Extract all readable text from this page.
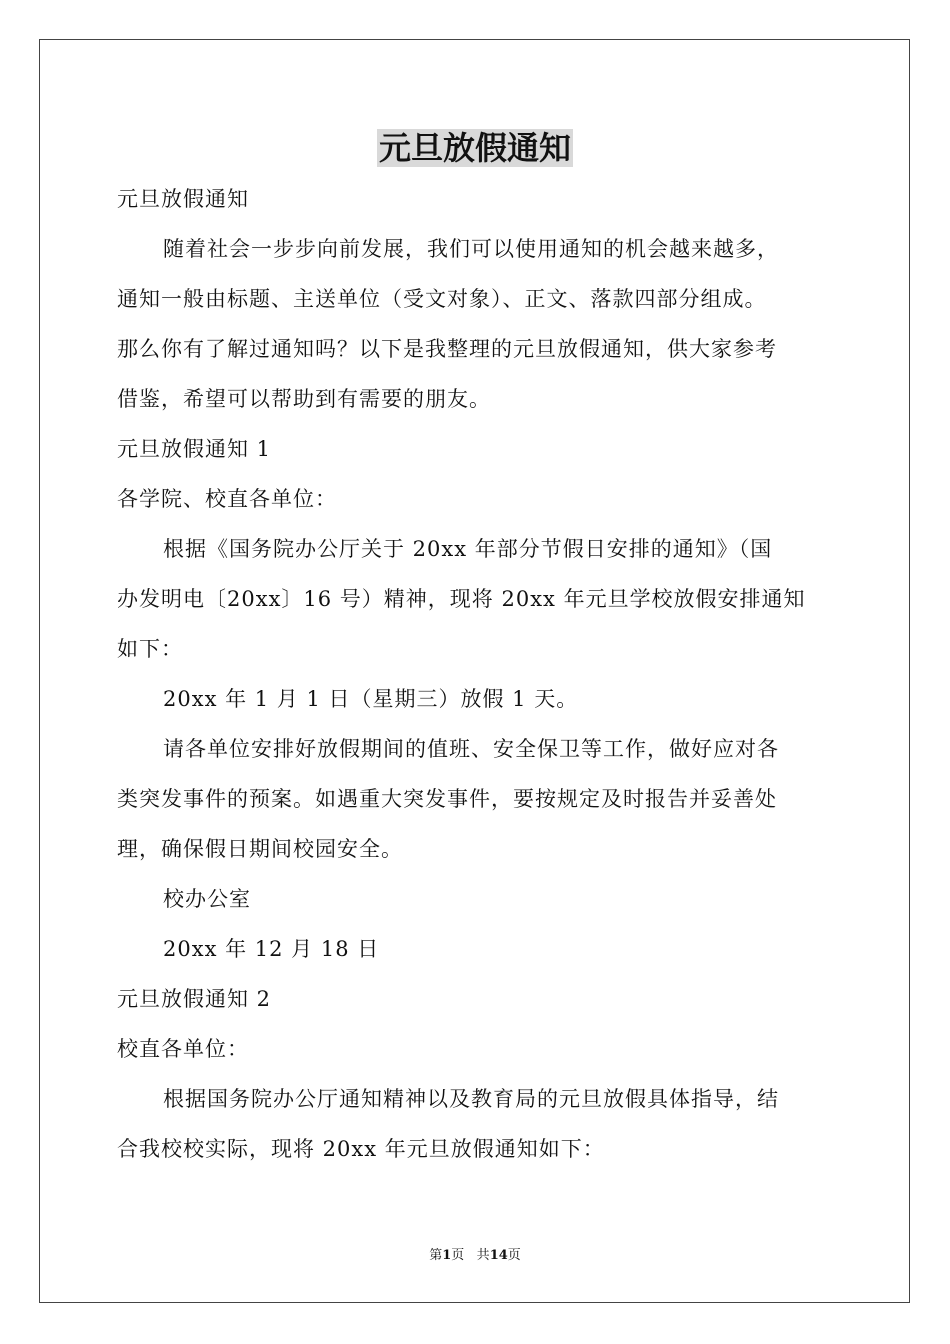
元旦放假通知
元旦放假通知
随着社会一步步向前发展，我们可以使用通知的机会越来越多，
通知一般由标题、主送单位（受文对象）、正文、落款四部分组成。
那么你有了解过通知吗？以下是我整理的元旦放假通知，供大家参考
借鉴，希望可以帮助到有需要的朋友。
元旦放假通知 1
各学院、校直各单位：
根据《国务院办公厅关于 20xx 年部分节假日安排的通知》（国
办发明电〔20xx〕16 号）精神，现将 20xx 年元旦学校放假安排通知
如下：
20xx 年 1 月 1 日（星期三）放假 1 天。
请各单位安排好放假期间的值班、安全保卫等工作，做好应对各
类突发事件的预案。如遇重大突发事件，要按规定及时报告并妥善处
理，确保假日期间校园安全。
校办公室
20xx 年 12 月 18 日
元旦放假通知 2
校直各单位：
根据国务院办公厅通知精神以及教育局的元旦放假具体指导，结
合我校校实际，现将 20xx 年元旦放假通知如下：
第1页 共14页
